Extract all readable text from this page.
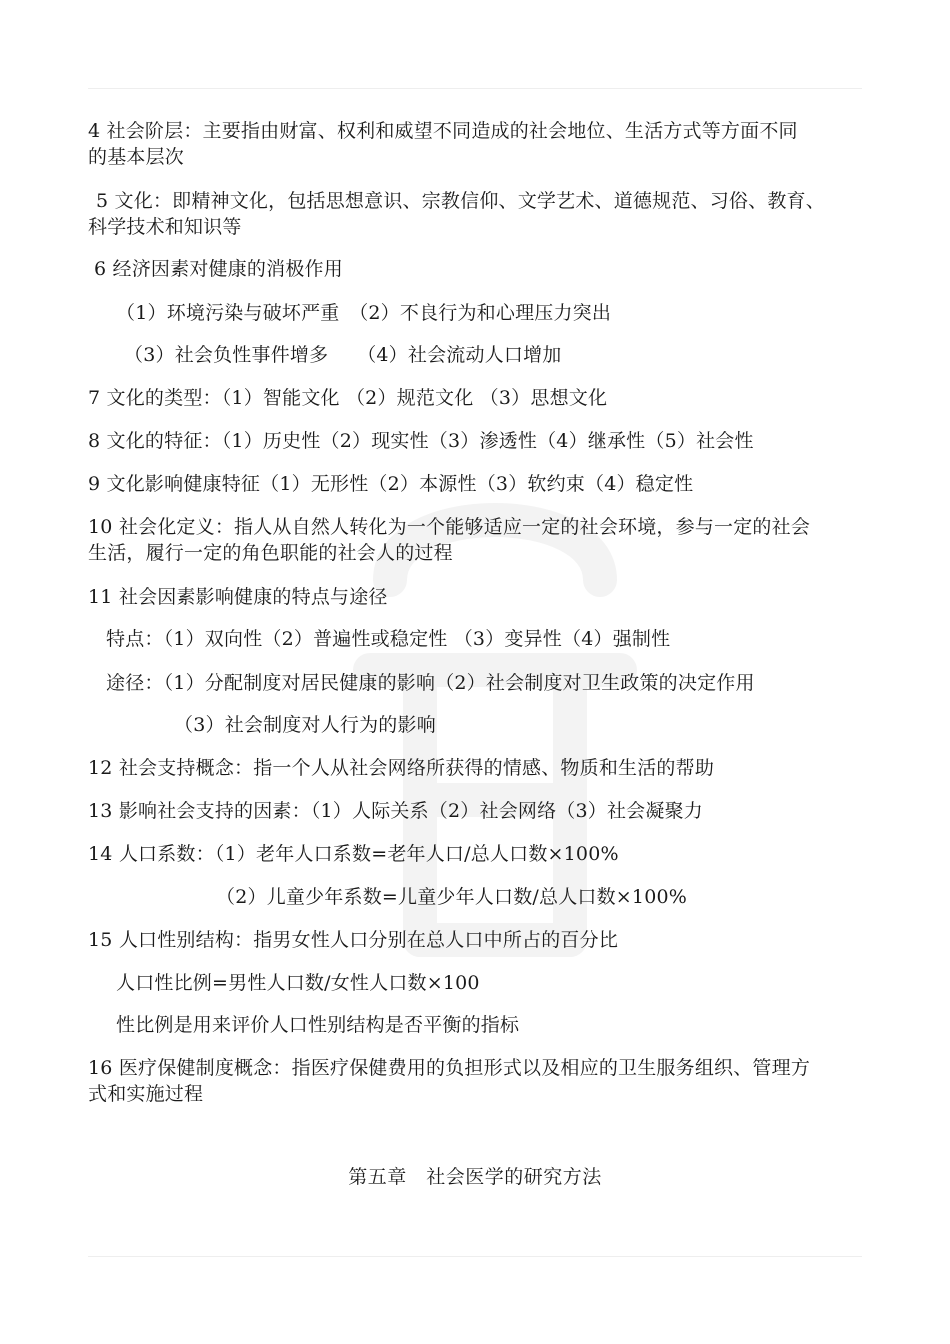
4 社会阶层：主要指由财富、权利和威望不同造成的社会地位、生活方式等方面不同
的基本层次
5 文化：即精神文化，包括思想意识、宗教信仰、文学艺术、道德规范、习俗、教育、
科学技术和知识等
6 经济因素对健康的消极作用
（1）环境污染与破坏严重　（2）不良行为和心理压力突出
（3）社会负性事件增多　　（4）社会流动人口增加
7 文化的类型：（1）智能文化 （2）规范文化 （3）思想文化
8 文化的特征：（1）历史性（2）现实性（3）渗透性（4）继承性（5）社会性
9 文化影响健康特征（1）无形性（2）本源性（3）软约束（4）稳定性
10 社会化定义：指人从自然人转化为一个能够适应一定的社会环境，参与一定的社会
生活，履行一定的角色职能的社会人的过程
11 社会因素影响健康的特点与途径
特点：（1）双向性（2）普遍性或稳定性 （3）变异性（4）强制性
途径：（1）分配制度对居民健康的影响（2）社会制度对卫生政策的决定作用
（3）社会制度对人行为的影响
12 社会支持概念：指一个人从社会网络所获得的情感、物质和生活的帮助
13 影响社会支持的因素：（1）人际关系（2）社会网络（3）社会凝聚力
14 人口系数：（1）老年人口系数=老年人口/总人口数×100%
（2）儿童少年系数=儿童少年人口数/总人口数×100%
15 人口性别结构：指男女性人口分别在总人口中所占的百分比
人口性比例=男性人口数/女性人口数×100
性比例是用来评价人口性别结构是否平衡的指标
16 医疗保健制度概念：指医疗保健费用的负担形式以及相应的卫生服务组织、管理方
式和实施过程
第五章　社会医学的研究方法
